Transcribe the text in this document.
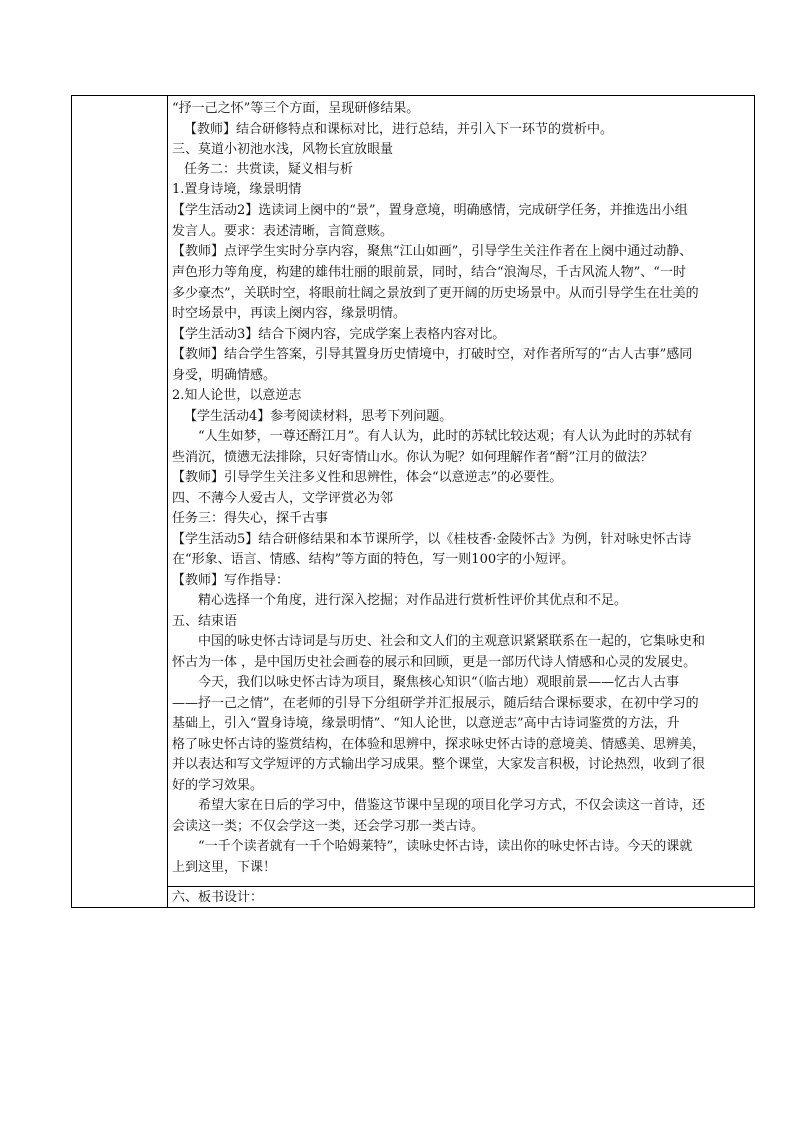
“抒一己之怀”等三个方面，呈现研修结果。
【教师】结合研修特点和课标对比，进行总结，并引入下一环节的赏析中。
三、莫道小初池水浅，风物长宜放眼量
任务二：共赏读，疑义相与析
1.置身诗境，缘景明情
【学生活动2】选读词上阕中的“景”，置身意境，明确感情，完成研学任务，并推选出小组
发言人。要求：表述清晰，言简意赅。
【教师】点评学生实时分享内容，聚焦“江山如画”，引导学生关注作者在上阕中通过动静、
声色形力等角度，构建的雄伟壮丽的眼前景，同时，结合“浪淘尽，千古风流人物”、“一时
多少豪杰”，关联时空，将眼前壮阔之景放到了更开阔的历史场景中。从而引导学生在壮美的
时空场景中，再读上阕内容，缘景明情。
【学生活动3】结合下阕内容，完成学案上表格内容对比。
【教师】结合学生答案，引导其置身历史情境中，打破时空，对作者所写的“古人古事”感同
身受，明确情感。
2.知人论世，以意逆志
【学生活动4】参考阅读材料，思考下列问题。
“人生如梦，一尊还酹江月”。有人认为，此时的苏轼比较达观；有人认为此时的苏轼有
些消沉，愤懑无法排除，只好寄情山水。你认为呢？如何理解作者“酹”江月的做法？
【教师】引导学生关注多义性和思辨性，体会“以意逆志”的必要性。
四、不薄今人爱古人，文学评赏必为邻
任务三：得失心，探千古事
【学生活动5】结合研修结果和本节课所学，以《桂枝香·金陵怀古》为例，针对咏史怀古诗
在“形象、语言、情感、结构”等方面的特色，写一则100字的小短评。
【教师】写作指导：
精心选择一个角度，进行深入挖掘；对作品进行赏析性评价其优点和不足。
五、结束语
中国的咏史怀古诗词是与历史、社会和文人们的主观意识紧紧联系在一起的，它集咏史和
怀古为一体 ，是中国历史社会画卷的展示和回顾，更是一部历代诗人情感和心灵的发展史。
今天，我们以咏史怀古诗为项目，聚焦核心知识“（临古地）观眼前景——忆古人古事
——抒一己之情”，在老师的引导下分组研学并汇报展示，随后结合课标要求，在初中学习的
基础上，引入“置身诗境，缘景明情”、“知人论世，以意逆志”高中古诗词鉴赏的方法，升
格了咏史怀古诗的鉴赏结构，在体验和思辨中，探求咏史怀古诗的意境美、情感美、思辨美，
并以表达和写文学短评的方式输出学习成果。整个课堂，大家发言积极，讨论热烈，收到了很
好的学习效果。
希望大家在日后的学习中，借鉴这节课中呈现的项目化学习方式，不仅会读这一首诗，还
会读这一类；不仅会学这一类，还会学习那一类古诗。
“一千个读者就有一千个哈姆莱特”，读咏史怀古诗，读出你的咏史怀古诗。今天的课就
上到这里，下课！
六、板书设计：
